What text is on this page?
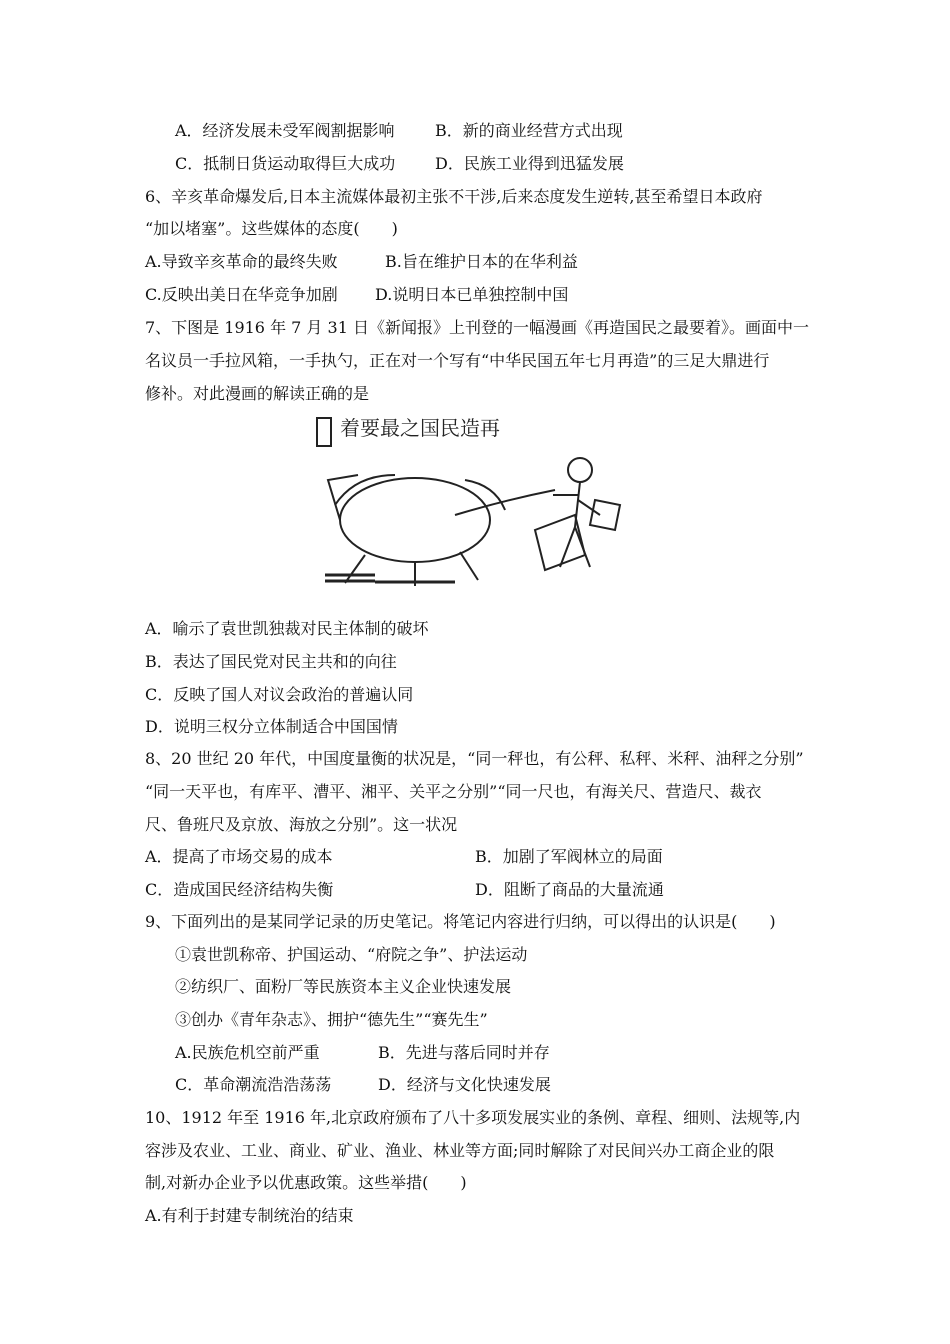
A．经济发展未受军阀割据影响	B．新的商业经营方式出现
C．抵制日货运动取得巨大成功 D．民族工业得到迅猛发展
6、辛亥革命爆发后,日本主流媒体最初主张不干涉,后来态度发生逆转,甚至希望日本政府
“加以堵塞”。这些媒体的态度(　　)
A.导致辛亥革命的最终失败	B.旨在维护日本的在华利益
C.反映出美日在华竞争加剧 D.说明日本已单独控制中国
7、下图是 1916 年 7 月 31 日《新闻报》上刊登的一幅漫画《再造国民之最要着》。画面中一
名议员一手拉风箱，一手执勺，正在对一个写有“中华民国五年七月再造”的三足大鼎进行
修补。对此漫画的解读正确的是
着要最之国民造再
A．喻示了袁世凯独裁对民主体制的破坏
B．表达了国民党对民主共和的向往
C．反映了国人对议会政治的普遍认同
D．说明三权分立体制适合中国国情
8、20 世纪 20 年代，中国度量衡的状况是，“同一秤也，有公秤、私秤、米秤、油秤之分别”
“同一天平也，有库平、漕平、湘平、关平之分别”“同一尺也，有海关尺、营造尺、裁衣
尺、鲁班尺及京放、海放之分别”。这一状况
A．提高了市场交易的成本	B．加剧了军阀林立的局面
C．造成国民经济结构失衡	D．阻断了商品的大量流通
9、下面列出的是某同学记录的历史笔记。将笔记内容进行归纳，可以得出的认识是(　　)
①袁世凯称帝、护国运动、“府院之争”、护法运动
②纺织厂、面粉厂等民族资本主义企业快速发展
③创办《青年杂志》、拥护“德先生”“赛先生”
A.民族危机空前严重	B．先进与落后同时并存
C．革命潮流浩浩荡荡	D．经济与文化快速发展
10、1912 年至 1916 年,北京政府颁布了八十多项发展实业的条例、章程、细则、法规等,内
容涉及农业、工业、商业、矿业、渔业、林业等方面;同时解除了对民间兴办工商企业的限
制,对新办企业予以优惠政策。这些举措(　　)
A.有利于封建专制统治的结束
